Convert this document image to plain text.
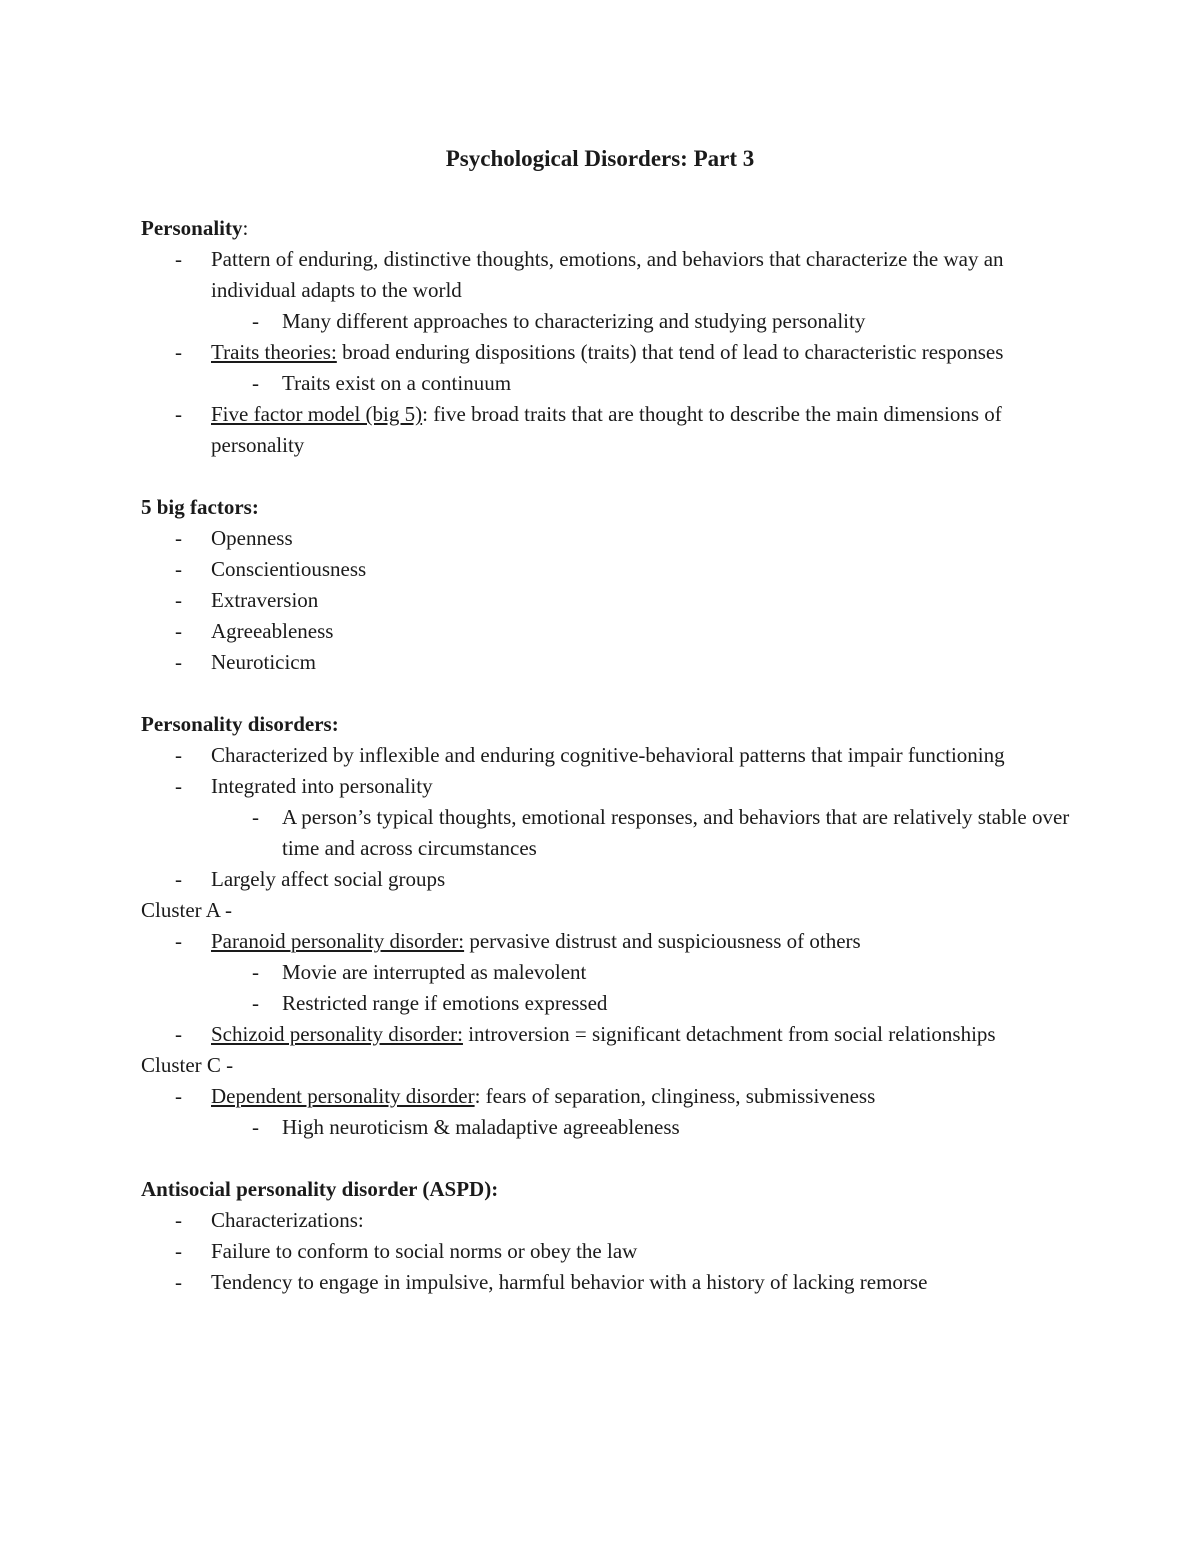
Psychological Disorders: Part 3
Personality:
- Pattern of enduring, distinctive thoughts, emotions, and behaviors that characterize the way an individual adapts to the world
- Many different approaches to characterizing and studying personality
- Traits theories: broad enduring dispositions (traits) that tend of lead to characteristic responses
- Traits exist on a continuum
- Five factor model (big 5): five broad traits that are thought to describe the main dimensions of personality
5 big factors:
- Openness
- Conscientiousness
- Extraversion
- Agreeableness
- Neuroticicm
Personality disorders:
- Characterized by inflexible and enduring cognitive-behavioral patterns that impair functioning
- Integrated into personality
- A person’s typical thoughts, emotional responses, and behaviors that are relatively stable over time and across circumstances
- Largely affect social groups
Cluster A -
- Paranoid personality disorder: pervasive distrust and suspiciousness of others
- Movie are interrupted as malevolent
- Restricted range if emotions expressed
- Schizoid personality disorder: introversion = significant detachment from social relationships
Cluster C -
- Dependent personality disorder: fears of separation, clinginess, submissiveness
- High neuroticism & maladaptive agreeableness
Antisocial personality disorder (ASPD):
- Characterizations:
- Failure to conform to social norms or obey the law
- Tendency to engage in impulsive, harmful behavior with a history of lacking remorse
